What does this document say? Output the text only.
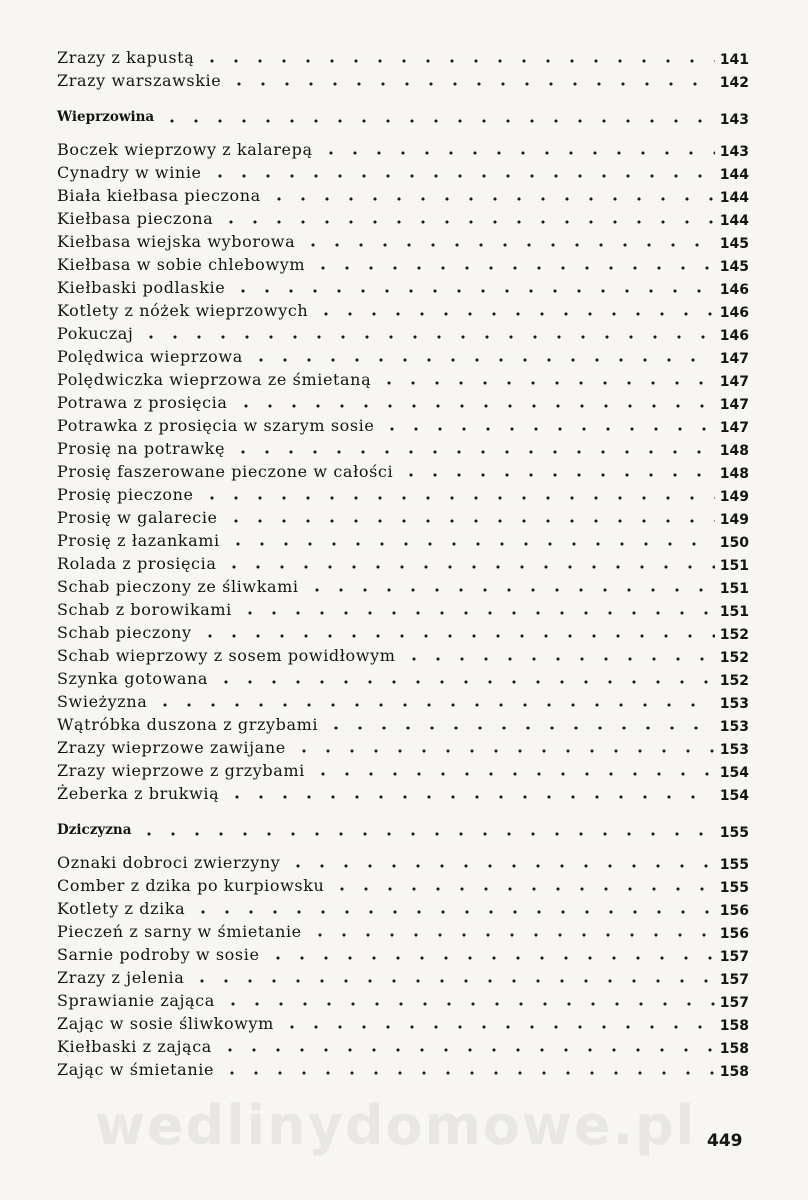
wedlinydomowe.pl
Zrazy z kapustą	141
Zrazy warszawskie	142
Wieprzowina	143
Boczek wieprzowy z kalarepą	143
Cynadry w winie	144
Biała kiełbasa pieczona	144
Kiełbasa pieczona	144
Kiełbasa wiejska wyborowa	145
Kiełbasa w sobie chlebowym	145
Kiełbaski podlaskie	146
Kotlety z nóżek wieprzowych	146
Pokuczaj	146
Polędwica wieprzowa	147
Polędwiczka wieprzowa ze śmietaną	147
Potrawa z prosięcia	147
Potrawka z prosięcia w szarym sosie	147
Prosię na potrawkę	148
Prosię faszerowane pieczone w całości	148
Prosię pieczone	149
Prosię w galarecie	149
Prosię z łazankami	150
Rolada z prosięcia	151
Schab pieczony ze śliwkami	151
Schab z borowikami	151
Schab pieczony	152
Schab wieprzowy z sosem powidłowym	152
Szynka gotowana	152
Swieżyzna	153
Wątróbka duszona z grzybami	153
Zrazy wieprzowe zawijane	153
Zrazy wieprzowe z grzybami	154
Żeberka z brukwią	154
Dziczyzna	155
Oznaki dobroci zwierzyny	155
Comber z dzika po kurpiowsku	155
Kotlety z dzika	156
Pieczeń z sarny w śmietanie	156
Sarnie podroby w sosie	157
Zrazy z jelenia	157
Sprawianie zająca	157
Zając w sosie śliwkowym	158
Kiełbaski z zająca	158
Zając w śmietanie	158
449
